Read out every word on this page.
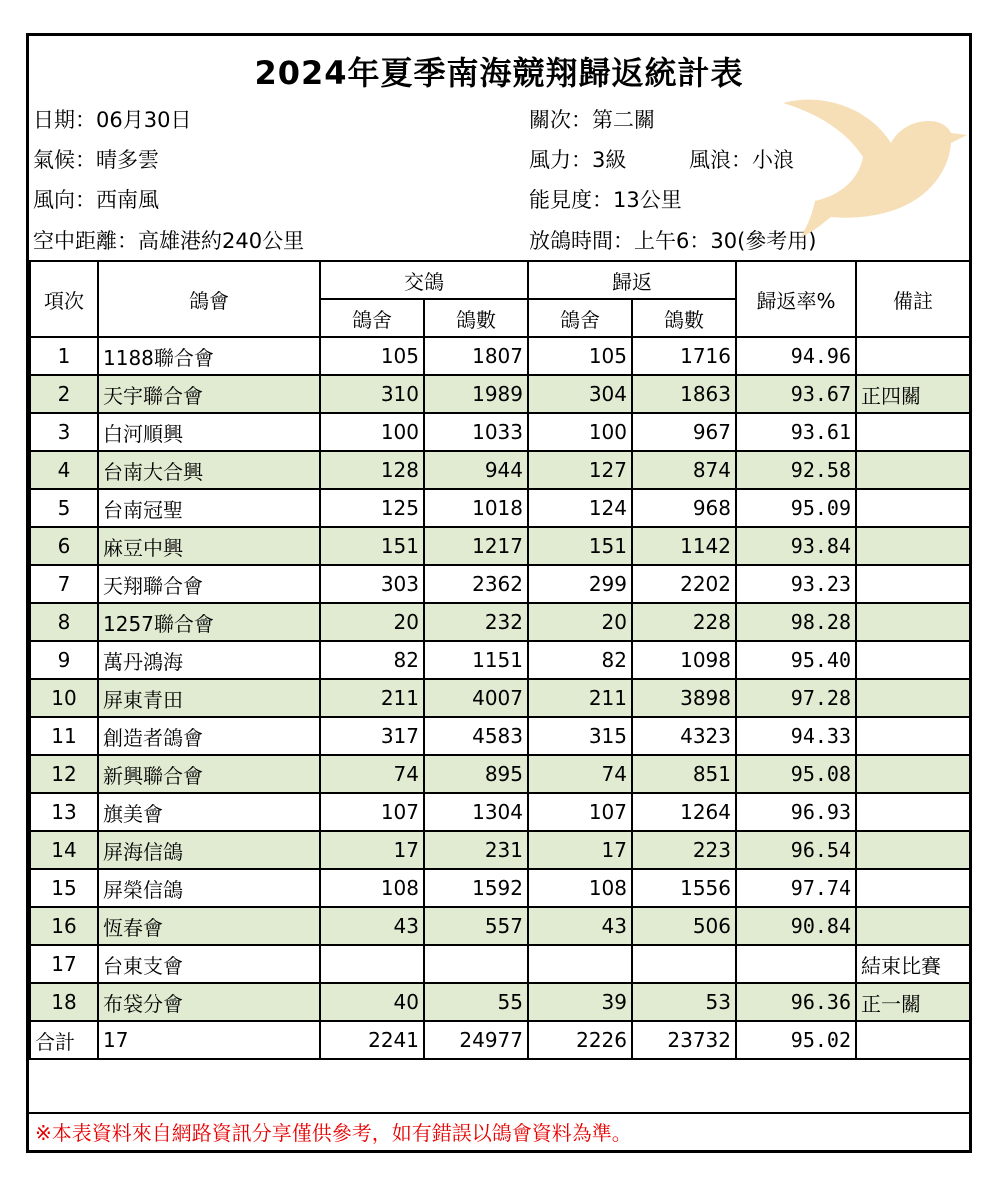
2024年夏季南海競翔歸返統計表
日期：06月30日	關次：第二關
氣候：晴多雲	風力：3級	風浪：小浪
風向：西南風	能見度：13公里
空中距離：高雄港約240公里	放鴿時間：上午6：30(參考用)
項次	鴿會	交鴿		歸返		歸返率%	備註
		鴿舍	鴿數	鴿舍	鴿數		
1	1188聯合會	105	1807	105	1716	94.96	
2	天宇聯合會	310	1989	304	1863	93.67	正四關
3	白河順興	100	1033	100	967	93.61	
4	台南大合興	128	944	127	874	92.58	
5	台南冠聖	125	1018	124	968	95.09	
6	麻豆中興	151	1217	151	1142	93.84	
7	天翔聯合會	303	2362	299	2202	93.23	
8	1257聯合會	20	232	20	228	98.28	
9	萬丹鴻海	82	1151	82	1098	95.40	
10	屏東青田	211	4007	211	3898	97.28	
11	創造者鴿會	317	4583	315	4323	94.33	
12	新興聯合會	74	895	74	851	95.08	
13	旗美會	107	1304	107	1264	96.93	
14	屏海信鴿	17	231	17	223	96.54	
15	屏榮信鴿	108	1592	108	1556	97.74	
16	恆春會	43	557	43	506	90.84	
17	台東支會						結束比賽
18	布袋分會	40	55	39	53	96.36	正一關
合計	17	2241	24977	2226	23732	95.02	
※本表資料來自網路資訊分享僅供參考，如有錯誤以鴿會資料為準。
